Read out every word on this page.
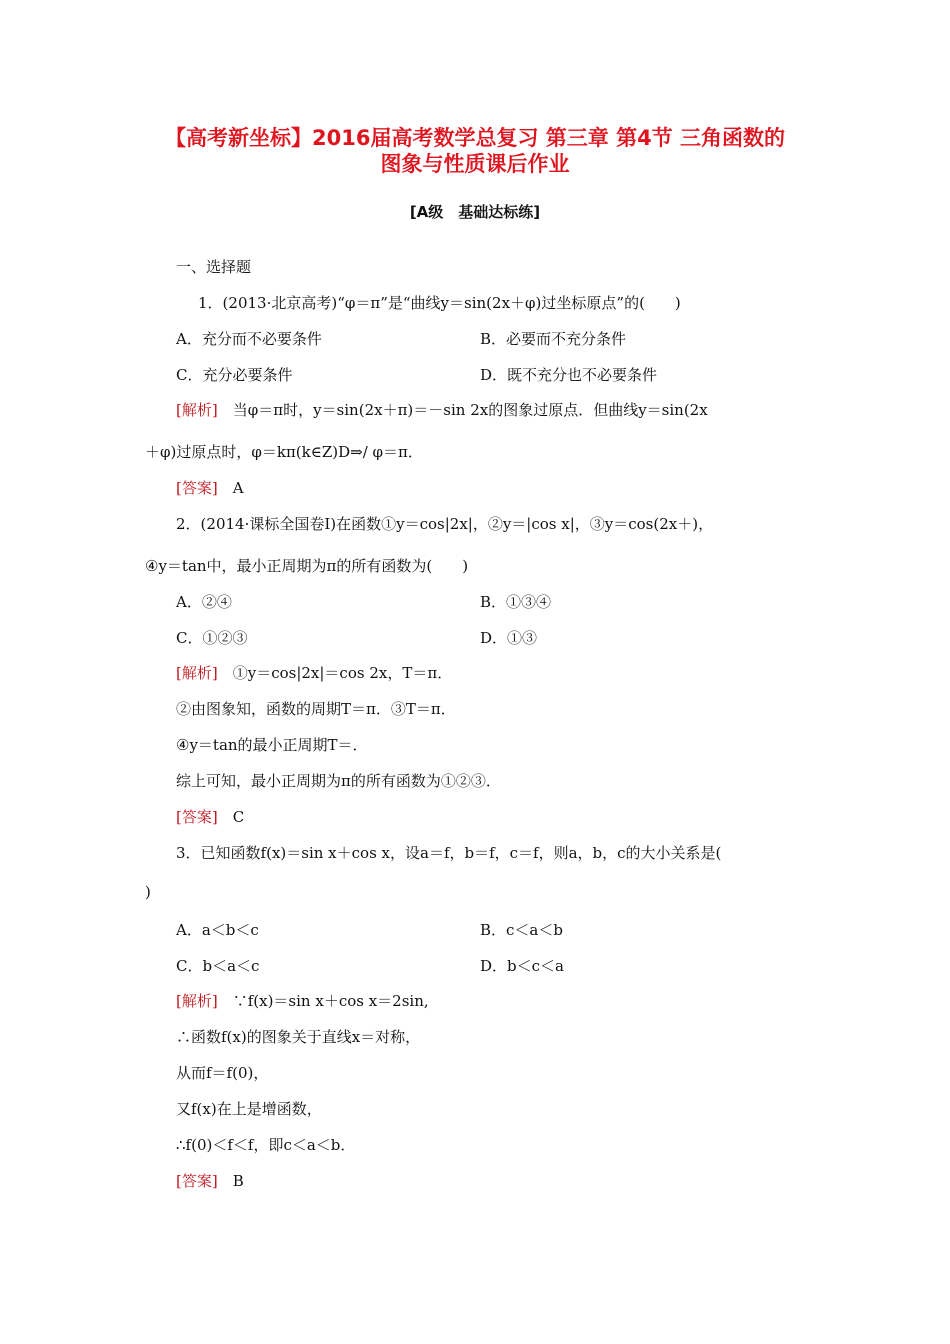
【高考新坐标】2016届高考数学总复习 第三章 第4节 三角函数的
图象与性质课后作业
[A级　基础达标练]
一、选择题
1．(2013·北京高考)“φ＝π”是“曲线y＝sin(2x＋φ)过坐标原点”的(　　)
A．充分而不必要条件	B．必要而不充分条件
C．充分必要条件	D．既不充分也不必要条件
[解析]　当φ＝π时，y＝sin(2x＋π)＝－sin 2x的图象过原点．但曲线y＝sin(2x
＋φ)过原点时，φ＝kπ(k∈Z)D⇒/ φ＝π．
[答案]　A
2．(2014·课标全国卷Ⅰ)在函数①y＝cos|2x|，②y＝|cos x|，③y＝cos(2x＋)，
④y＝tan中，最小正周期为π的所有函数为(　　)
A．②④	B．①③④
C．①②③	D．①③
[解析]　①y＝cos|2x|＝cos 2x，T＝π．
②由图象知，函数的周期T＝π．③T＝π．
④y＝tan的最小正周期T＝．
综上可知，最小正周期为π的所有函数为①②③．
[答案]　C
3．已知函数f(x)＝sin x＋cos x，设a＝f，b＝f，c＝f，则a，b，c的大小关系是(
)
A．a＜b＜c	B．c＜a＜b
C．b＜a＜c	D．b＜c＜a
[解析]　∵f(x)＝sin x＋cos x＝2sin,
∴函数f(x)的图象关于直线x＝对称，
从而f＝f(0)，
又f(x)在上是增函数，
∴f(0)＜f＜f，即c＜a＜b．
[答案]　B
